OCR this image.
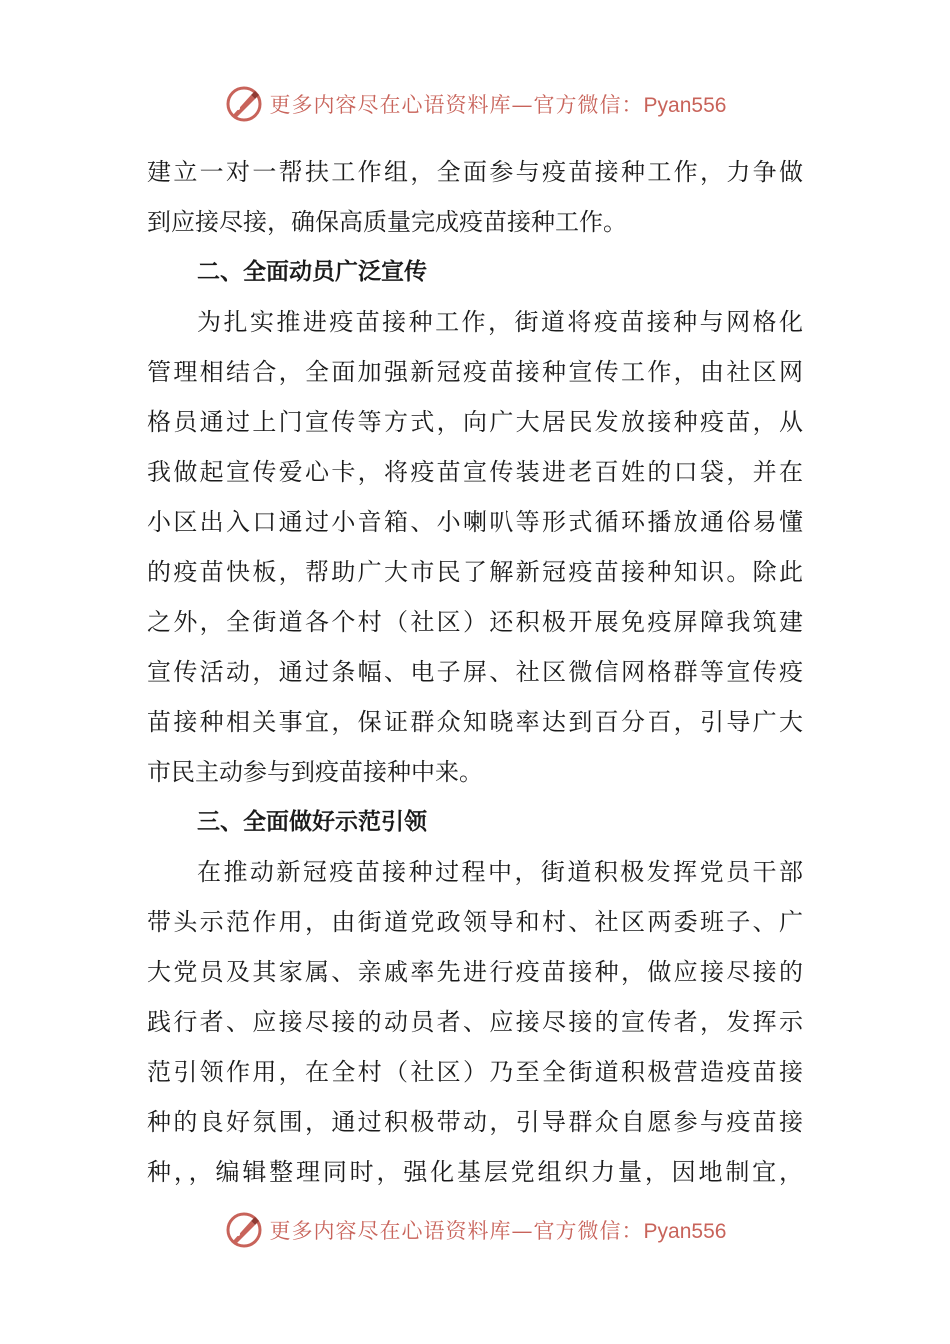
更多内容尽在心语资料库—官方微信：Pyan556
建立一对一帮扶工作组，全面参与疫苗接种工作，力争做
到应接尽接，确保高质量完成疫苗接种工作。
二、全面动员广泛宣传
为扎实推进疫苗接种工作，街道将疫苗接种与网格化
管理相结合，全面加强新冠疫苗接种宣传工作，由社区网
格员通过上门宣传等方式，向广大居民发放接种疫苗，从
我做起宣传爱心卡，将疫苗宣传装进老百姓的口袋，并在
小区出入口通过小音箱、小喇叭等形式循环播放通俗易懂
的疫苗快板，帮助广大市民了解新冠疫苗接种知识。除此
之外，全街道各个村（社区）还积极开展免疫屏障我筑建
宣传活动，通过条幅、电子屏、社区微信网格群等宣传疫
苗接种相关事宜，保证群众知晓率达到百分百，引导广大
市民主动参与到疫苗接种中来。
三、全面做好示范引领
在推动新冠疫苗接种过程中，街道积极发挥党员干部
带头示范作用，由街道党政领导和村、社区两委班子、广
大党员及其家属、亲戚率先进行疫苗接种，做应接尽接的
践行者、应接尽接的动员者、应接尽接的宣传者，发挥示
范引领作用，在全村（社区）乃至全街道积极营造疫苗接
种的良好氛围，通过积极带动，引导群众自愿参与疫苗接
种，，编辑整理同时，强化基层党组织力量，因地制宜，
更多内容尽在心语资料库—官方微信：Pyan556
